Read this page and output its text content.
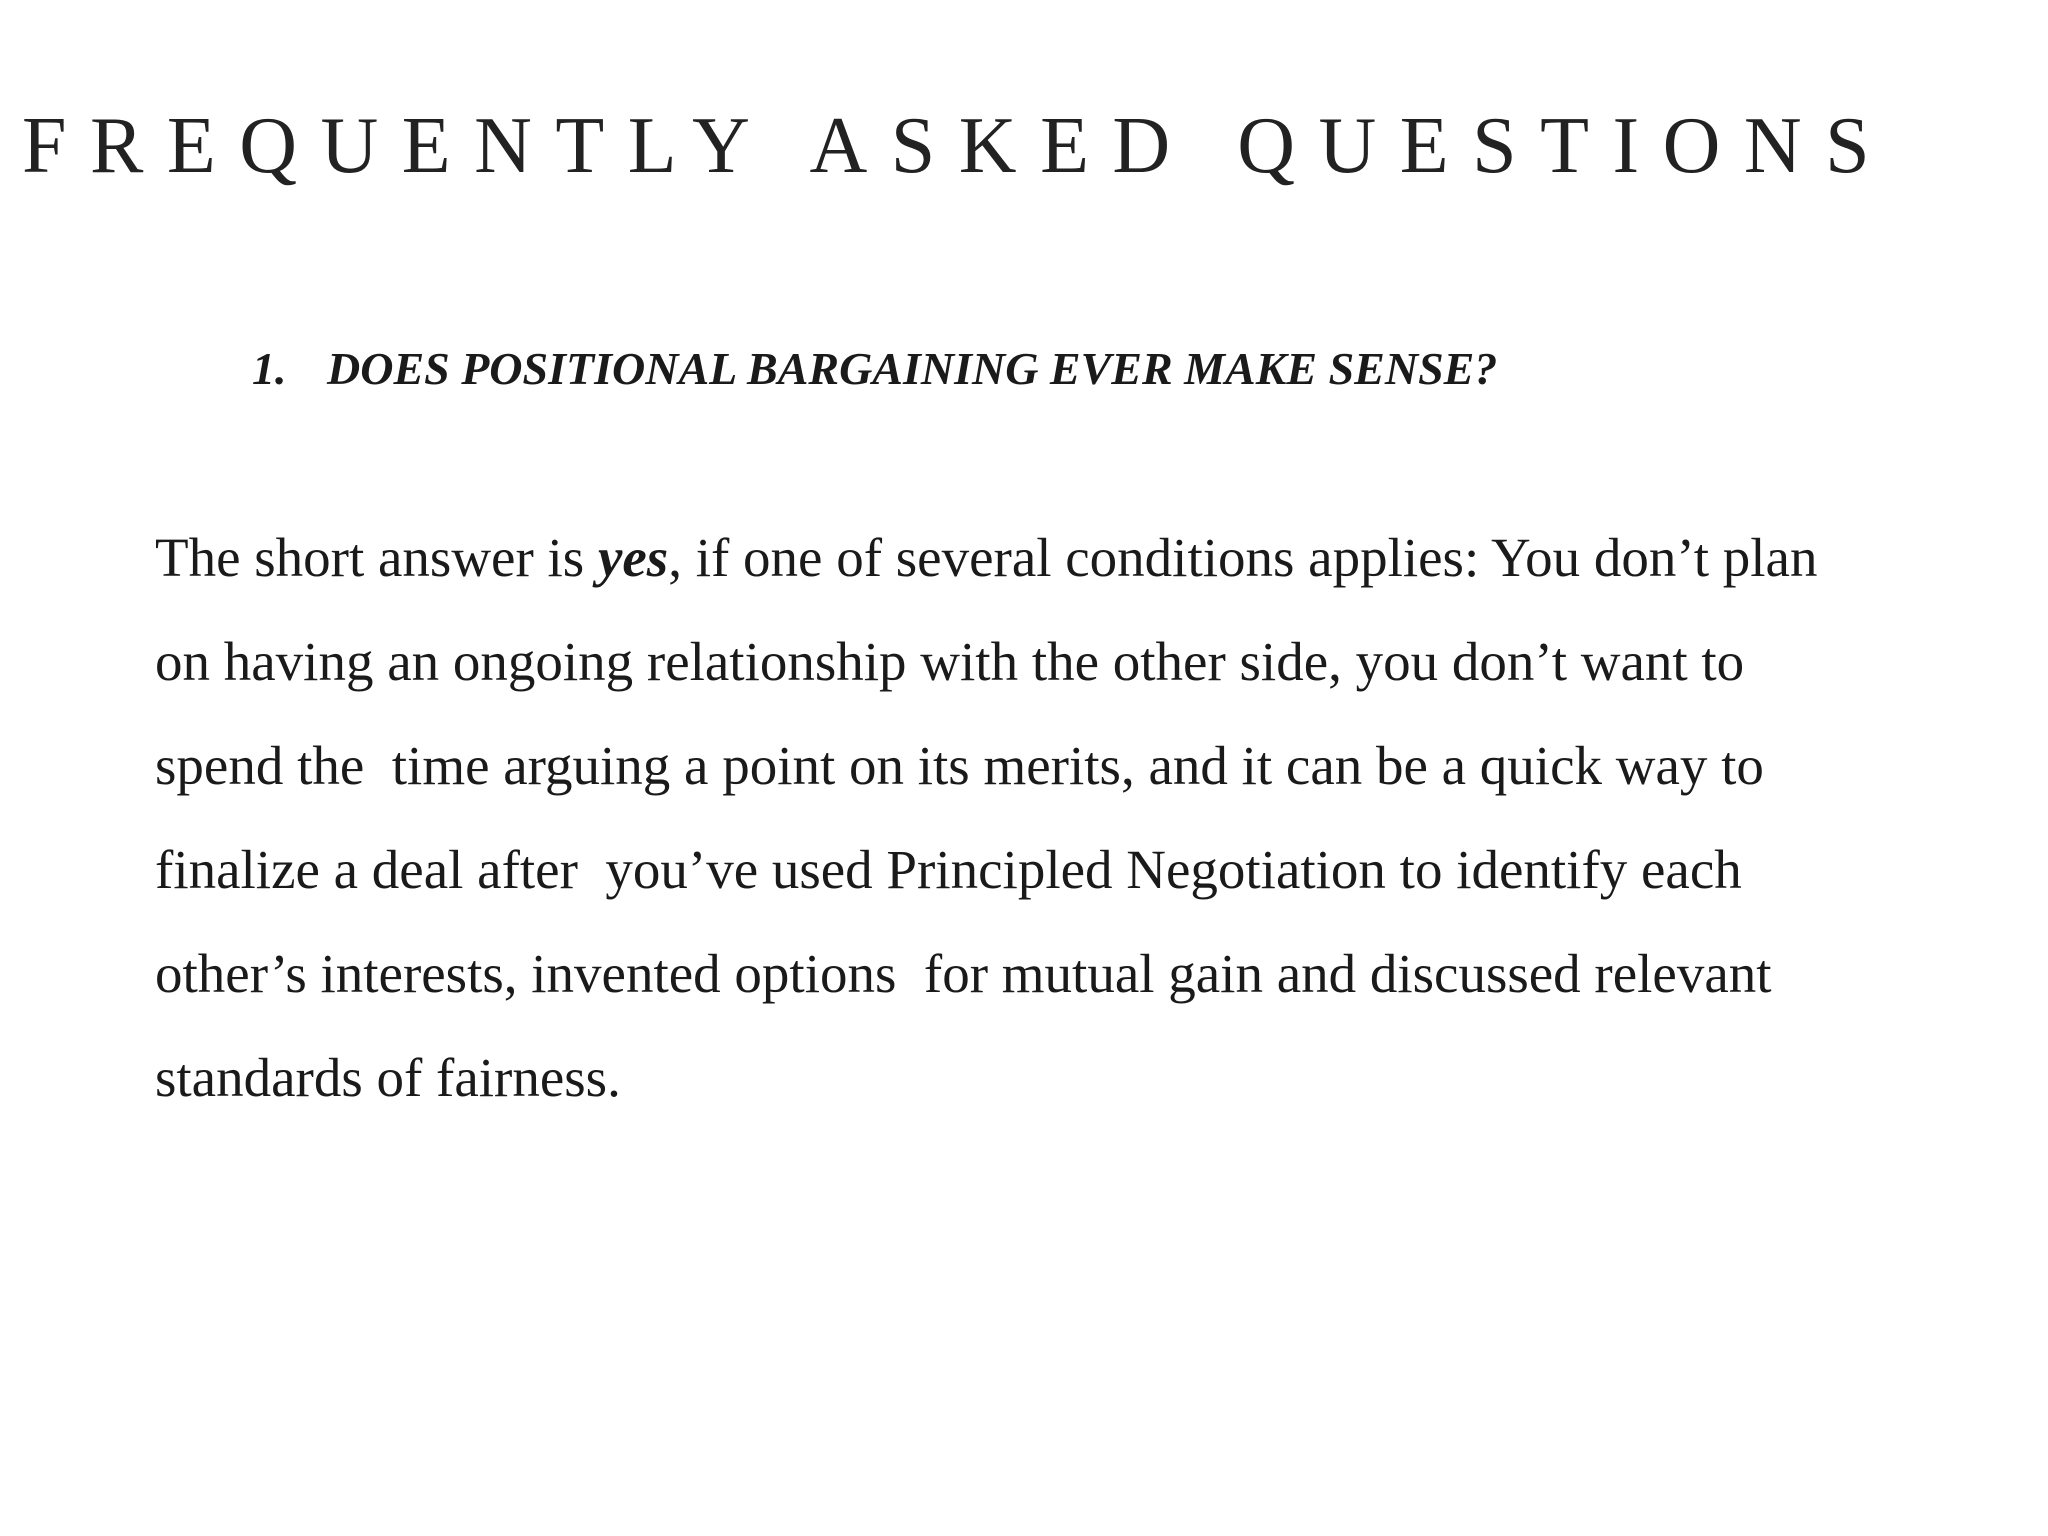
FREQUENTLY ASKED QUESTIONS
1. DOES POSITIONAL BARGAINING EVER MAKE SENSE?
The short answer is yes, if one of several conditions applies: You don’t plan
on having an ongoing relationship with the other side, you don’t want to
spend the  time arguing a point on its merits, and it can be a quick way to
finalize a deal after  you’ve used Principled Negotiation to identify each
other’s interests, invented options  for mutual gain and discussed relevant
standards of fairness.
